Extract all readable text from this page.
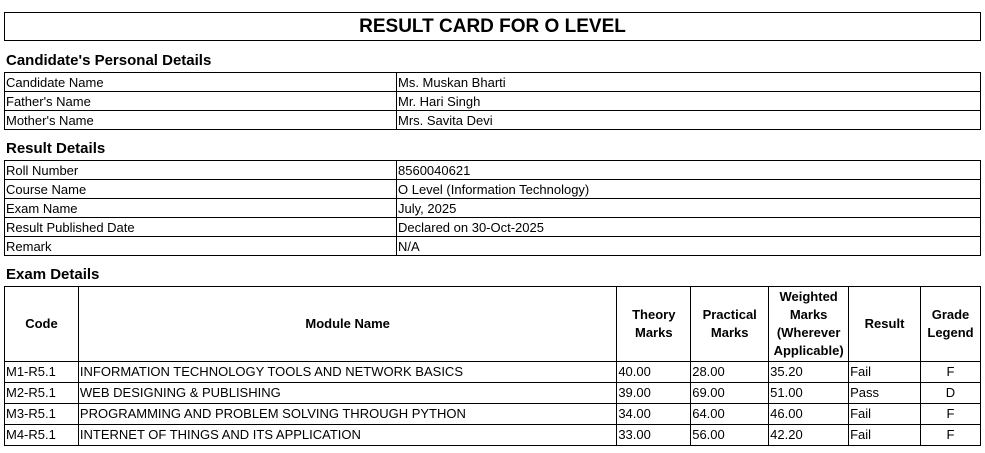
RESULT CARD FOR O LEVEL
Candidate's Personal Details
Candidate Name	Ms. Muskan Bharti
Father's Name	Mr. Hari Singh
Mother's Name	Mrs. Savita Devi
Result Details
Roll Number	8560040621
Course Name	O Level (Information Technology)
Exam Name	July, 2025
Result Published Date	Declared on 30-Oct-2025
Remark	N/A
Exam Details
Code	Module Name	Theory Marks	Practical Marks	Weighted Marks (Wherever Applicable)	Result	Grade Legend
M1-R5.1	INFORMATION TECHNOLOGY TOOLS AND NETWORK BASICS	40.00	28.00	35.20	Fail	F
M2-R5.1	WEB DESIGNING & PUBLISHING	39.00	69.00	51.00	Pass	D
M3-R5.1	PROGRAMMING AND PROBLEM SOLVING THROUGH PYTHON	34.00	64.00	46.00	Fail	F
M4-R5.1	INTERNET OF THINGS AND ITS APPLICATION	33.00	56.00	42.20	Fail	F
